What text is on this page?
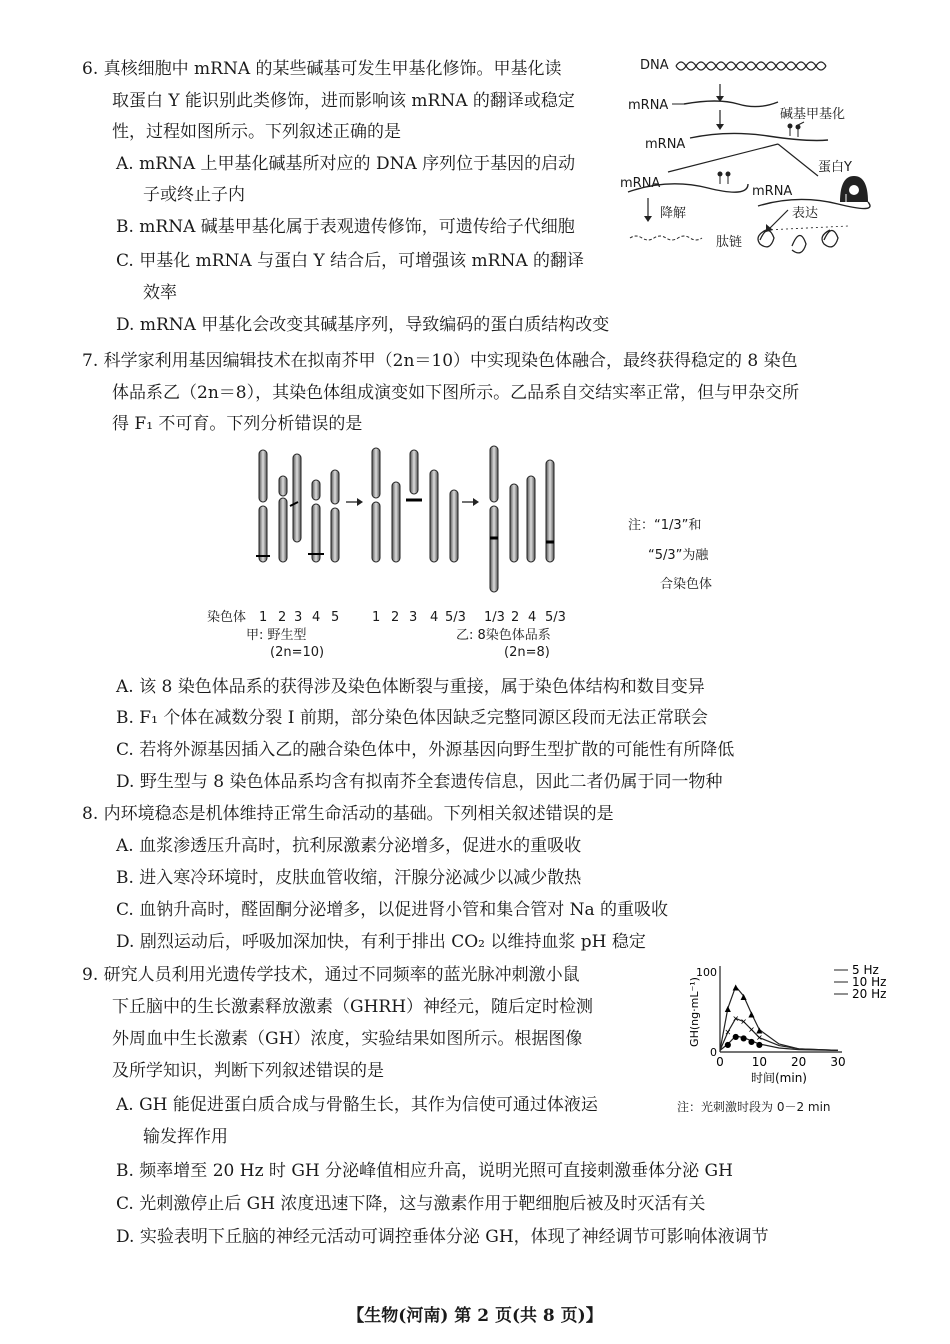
6. 真核细胞中 mRNA 的某些碱基可发生甲基化修饰。甲基化读
取蛋白 Y 能识别此类修饰，进而影响该 mRNA 的翻译或稳定
性，过程如图所示。下列叙述正确的是
A. mRNA 上甲基化碱基所对应的 DNA 序列位于基因的启动
子或终止子内
B. mRNA 碱基甲基化属于表观遗传修饰，可遗传给子代细胞
C. 甲基化 mRNA 与蛋白 Y 结合后，可增强该 mRNA 的翻译
效率
D. mRNA 甲基化会改变其碱基序列，导致编码的蛋白质结构改变
DNA
mRNA
碱基甲基化
mRNA
蛋白Y
mRNA
mRNA
降解	表达
肽链
7. 科学家利用基因编辑技术在拟南芥甲（2n＝10）中实现染色体融合，最终获得稳定的 8 染色
体品系乙（2n＝8），其染色体组成演变如下图所示。乙品系自交结实率正常，但与甲杂交所
得 F₁ 不可育。下列分析错误的是
染色体 1 2 3 4 5	1 2 3 4 5/3 1/3 2 4 5/3
甲: 野生型
(2n=10)
乙: 8染色体品系
(2n=8)
注：“1/3”和
“5/3”为融
合染色体
A. 该 8 染色体品系的获得涉及染色体断裂与重接，属于染色体结构和数目变异
B. F₁ 个体在减数分裂 Ⅰ 前期，部分染色体因缺乏完整同源区段而无法正常联会
C. 若将外源基因插入乙的融合染色体中，外源基因向野生型扩散的可能性有所降低
D. 野生型与 8 染色体品系均含有拟南芥全套遗传信息，因此二者仍属于同一物种
8. 内环境稳态是机体维持正常生命活动的基础。下列相关叙述错误的是
A. 血浆渗透压升高时，抗利尿激素分泌增多，促进水的重吸收
B. 进入寒冷环境时，皮肤血管收缩，汗腺分泌减少以减少散热
C. 血钠升高时，醛固酮分泌增多，以促进肾小管和集合管对 Na 的重吸收
D. 剧烈运动后，呼吸加深加快，有利于排出 CO₂ 以维持血浆 pH 稳定
9. 研究人员利用光遗传学技术，通过不同频率的蓝光脉冲刺激小鼠
下丘脑中的生长激素释放激素（GHRH）神经元，随后定时检测
外周血中生长激素（GH）浓度，实验结果如图所示。根据图像
及所学知识，判断下列叙述错误的是
A. GH 能促进蛋白质合成与骨骼生长，其作为信使可通过体液运
输发挥作用
B. 频率增至 20 Hz 时 GH 分泌峰值相应升高，说明光照可直接刺激垂体分泌 GH
C. 光刺激停止后 GH 浓度迅速下降，这与激素作用于靶细胞后被及时灭活有关
D. 实验表明下丘脑的神经元活动可调控垂体分泌 GH，体现了神经调节可影响体液调节
0 10 20 30
0
100
时间(min)
GH(ng·mL⁻¹)	●
● ● ● ●
5 Hz
✕
✕ ✕
✕
✕
10 Hz
▲
▲
▲
▲
▲
20 Hz
注：光刺激时段为 0－2 min
【生物(河南) 第 2 页(共 8 页)】
